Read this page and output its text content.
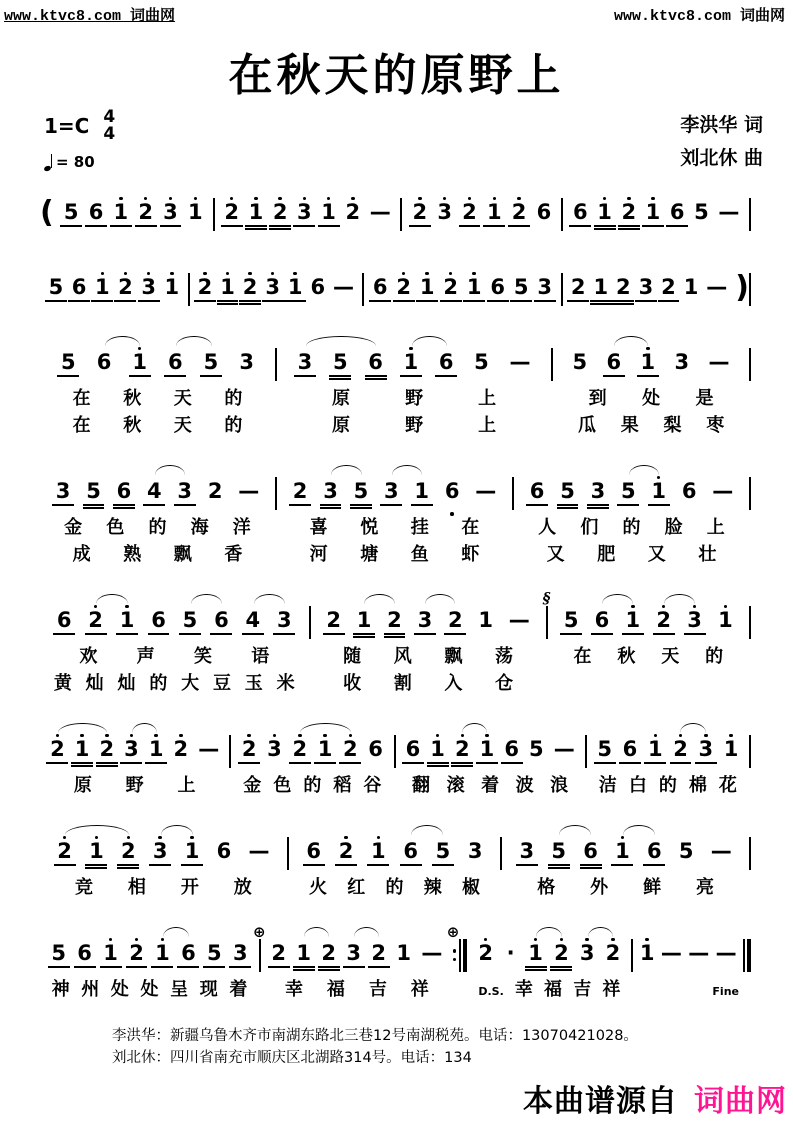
www.ktvc8.com 词曲网	www.ktvc8.com 词曲网
在秋天的原野上
1=C 4
4
= 80
李洪华 词
刘北休 曲
( 5 6 1 2 3 1 2 1 2 3 1 2 — 2 3 2 1 2 6 6 1 2 1 6 5 —
5 6 1 2 3 1 2 1 2 3 1 6 — 6 2 1 2 1 6 5 3 2 1 2 3 2 1 — )
5 6 1 6 5 3
在 秋 天 的
在 秋 天 的
3 5 6 1 6 5 —
原	野	上
原	野	上
5 6 1 3 —
到 处 是
瓜 果 梨 枣
3 5 6 4 3 2 —
金 色 的 海 洋
成 熟 飘 香
2 3 5 3 1 6 —
喜 悦 挂 在
河 塘 鱼 虾
6 5 3 5 1 6 —
人 们 的 脸 上
又 肥 又 壮
6 2 1 6 5 6 4 3
欢 声 笑 语
黄 灿 灿 的 大 豆 玉 米
2 1 2 3 2 1 —
随 风 飘 荡
收 割 入 仓
§
5 6 1 2 3 1
在 秋 天 的
2 1 2 3 1 2 —
原 野 上
2 3 2 1 2 6
金 色 的 稻 谷
6 1 2 1 6 5 —
翻 滚 着 波 浪
5 6 1 2 3 1
洁 白 的 棉 花
2 1 2 3 1 6 —
竞 相 开 放
6 2 1 6 5 3
火 红 的 辣 椒
3 5 6 1 6 5 —
格 外 鲜 亮
5 6 1 2 1 6 5 3
神 州 处 处 呈 现 着
⊕
2 1 2 3 2 1 —
幸 福 吉 祥
⊕
2 · 1 2 3 2
D.S. 幸 福 吉 祥
1 — — —
Fine
李洪华：新疆乌鲁木齐市南湖东路北三巷12号南湖税苑。电话：13070421028。
刘北休：四川省南充市顺庆区北湖路314号。电话：134
本曲谱源自 词曲网
